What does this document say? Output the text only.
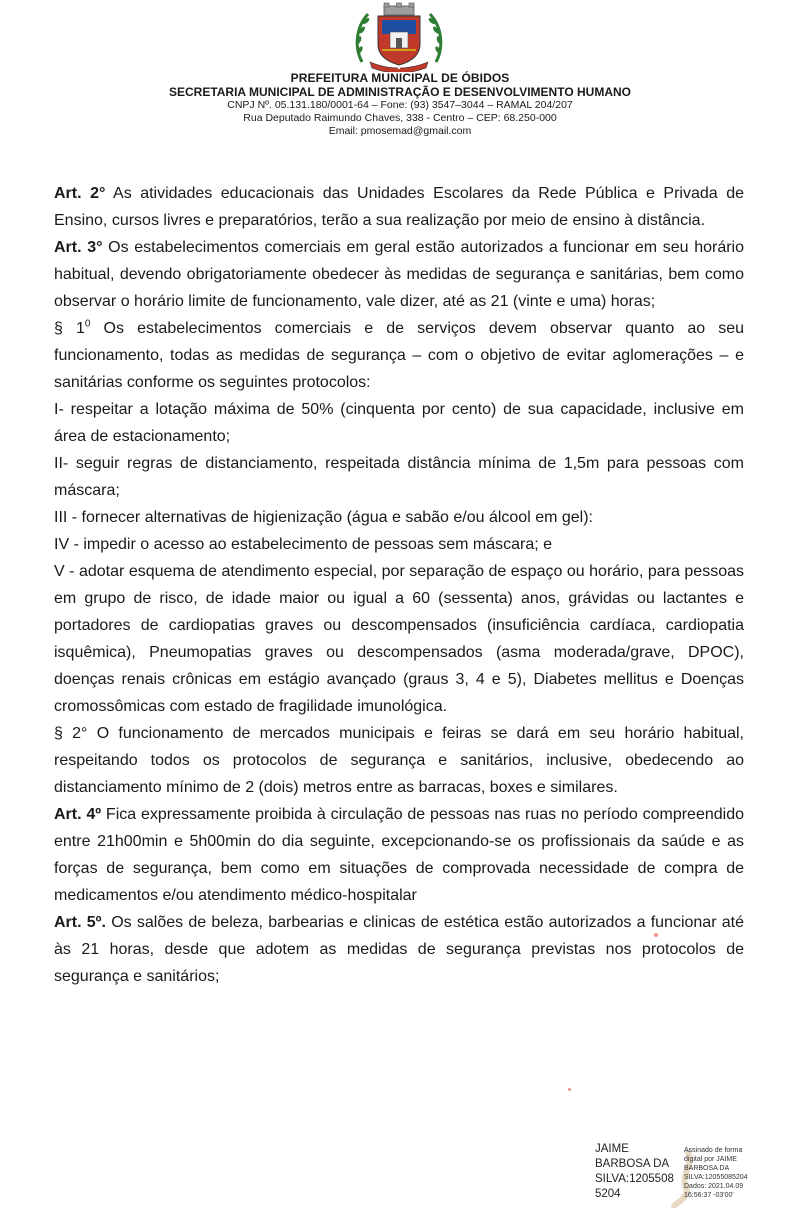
PREFEITURA MUNICIPAL DE ÓBIDOS
SECRETARIA MUNICIPAL DE ADMINISTRAÇÃO E DESENVOLVIMENTO HUMANO
CNPJ Nº. 05.131.180/0001-64 – Fone: (93) 3547–3044 – RAMAL 204/207
Rua Deputado Raimundo Chaves, 338 - Centro – CEP: 68.250-000
Email: pmosemad@gmail.com

Art. 2° As atividades educacionais das Unidades Escolares da Rede Pública e Privada de Ensino, cursos livres e preparatórios, terão a sua realização por meio de ensino à distância.

Art. 3° Os estabelecimentos comerciais em geral estão autorizados a funcionar em seu horário habitual, devendo obrigatoriamente obedecer às medidas de segurança e sanitárias, bem como observar o horário limite de funcionamento, vale dizer, até as 21 (vinte e uma) horas;

§ $1^0$ Os estabelecimentos comerciais e de serviços devem observar quanto ao seu funcionamento, todas as medidas de segurança – com o objetivo de evitar aglomerações – e sanitárias conforme os seguintes protocolos:

I- respeitar a lotação máxima de 50% (cinquenta por cento) de sua capacidade, inclusive em área de estacionamento;

II- seguir regras de distanciamento, respeitada distância mínima de 1,5m para pessoas com máscara;

III - fornecer alternativas de higienização (água e sabão e/ou álcool em gel):

IV - impedir o acesso ao estabelecimento de pessoas sem máscara; e

V - adotar esquema de atendimento especial, por separação de espaço ou horário, para pessoas em grupo de risco, de idade maior ou igual a 60 (sessenta) anos, grávidas ou lactantes e portadores de cardiopatias graves ou descompensados (insuficiência cardíaca, cardiopatia isquêmica), Pneumopatias graves ou descompensados (asma moderada/grave, DPOC), doenças renais crônicas em estágio avançado (graus 3, 4 e 5), Diabetes mellitus e Doenças cromossômicas com estado de fragilidade imunológica.

§ 2° O funcionamento de mercados municipais e feiras se dará em seu horário habitual, respeitando todos os protocolos de segurança e sanitários, inclusive, obedecendo ao distanciamento mínimo de 2 (dois) metros entre as barracas, boxes e similares.

Art. 4º Fica expressamente proibida à circulação de pessoas nas ruas no período compreendido entre 21h00min e 5h00min do dia seguinte, excepcionando-se os profissionais da saúde e as forças de segurança, bem como em situações de comprovada necessidade de compra de medicamentos e/ou atendimento médico-hospitalar

Art. 5º. Os salões de beleza, barbearias e clinicas de estética estão autorizados a funcionar até às 21 horas, desde que adotem as medidas de segurança previstas nos protocolos de segurança e sanitários;

JAIME
BARBOSA DA
SILVA:1205508
5204
Assinado de forma
digital por JAIME
BARBOSA DA
SILVA:12055085204
Dados: 2021.04.09
16:56:37 -03'00'
